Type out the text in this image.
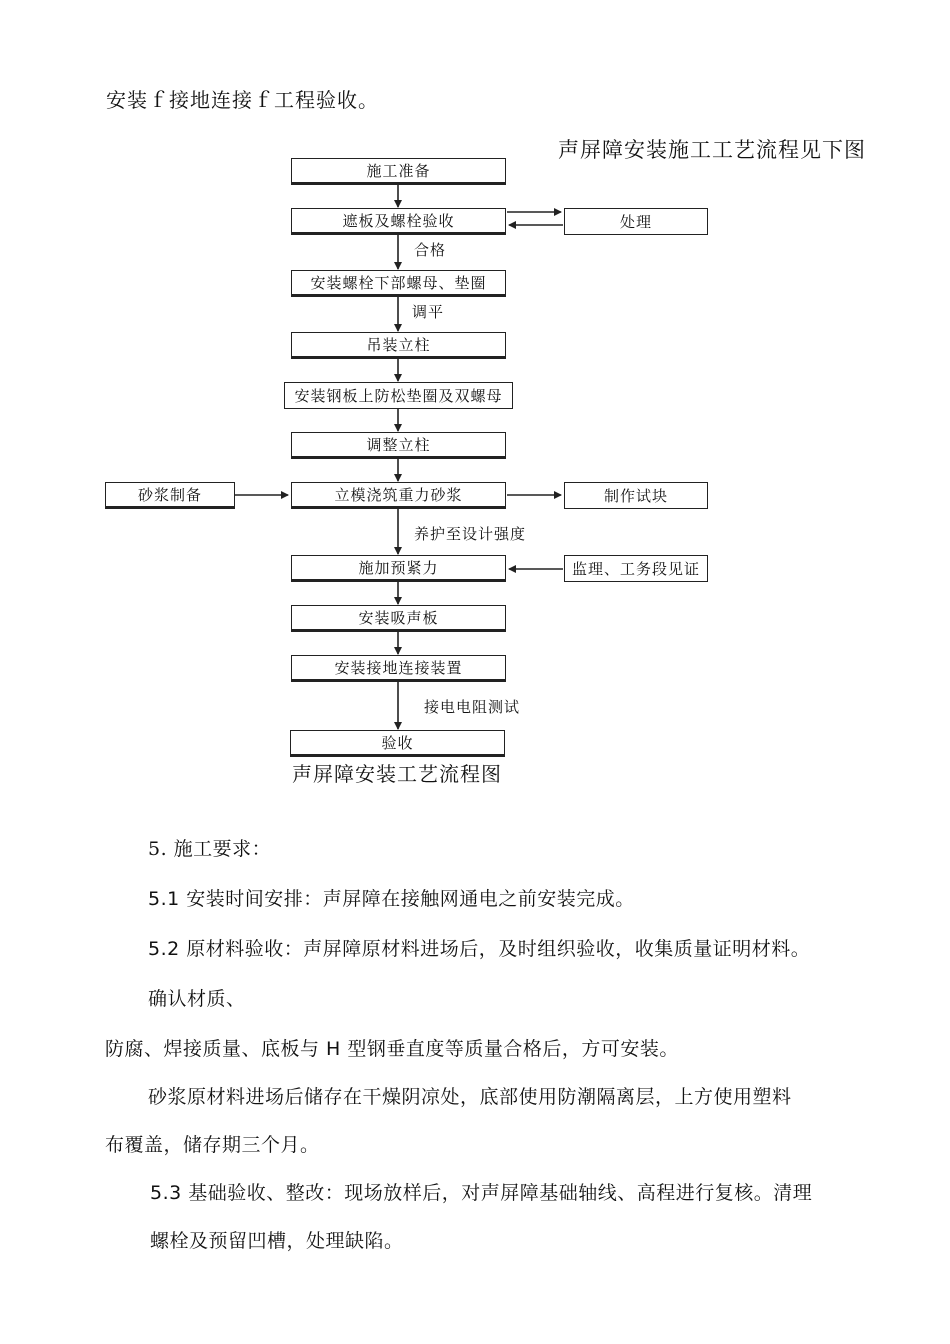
安装ｆ接地连接ｆ工程验收。
声屏障安装施工工艺流程见下图
施工准备
遮板及螺栓验收
安装螺栓下部螺母、垫圈
吊装立柱
安装钢板上防松垫圈及双螺母
调整立柱
立模浇筑重力砂浆
施加预紧力
安装吸声板
安装接地连接装置
验收
处理
砂浆制备	制作试块
监理、工务段见证
合格
调平
养护至设计强度
接电电阻测试
声屏障安装工艺流程图
5. 施工要求：
5.1 安装时间安排：声屏障在接触网通电之前安装完成。
5.2 原材料验收：声屏障原材料进场后，及时组织验收，收集质量证明材料。
确认材质、
防腐、焊接质量、底板与 H 型钢垂直度等质量合格后，方可安装。
砂浆原材料进场后储存在干燥阴凉处，底部使用防潮隔离层，上方使用塑料
布覆盖，储存期三个月。
5.3 基础验收、整改：现场放样后，对声屏障基础轴线、高程进行复核。清理
螺栓及预留凹槽，处理缺陷。
